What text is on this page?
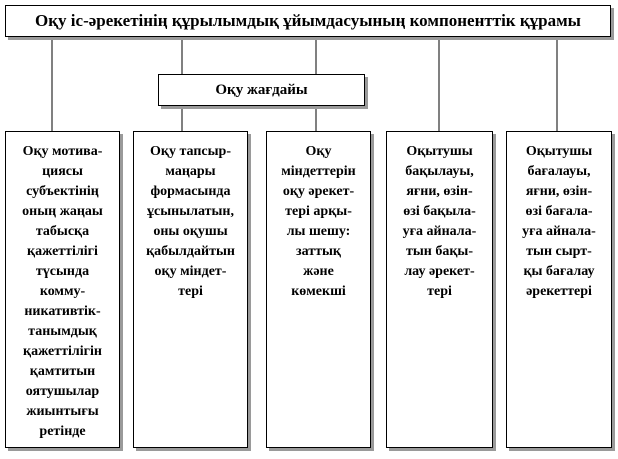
Оқу іс-әрекетінің құрылымдық ұйымдасуының компоненттік құрамы
Оқу жағдайы
Оқу мотива-
циясы
субъектінің
оның жаңаы
табысқа
қажеттілігі
түсында
комму-
никативтік-
танымдық
қажеттілігін
қамтитын
оятушылар
жиынтығы
ретінде
Оқу тапсыр-
маңары
формасында
ұсынылатын,
оны оқушы
қабылдайтын
оқу міндет-
тері
Оқу
міндеттерін
оқу әрекет-
тері арқы-
лы шешу:
заттық
және
көмекші
Оқытушы
бақылауы,
яғни, өзін-
өзі бақыла-
уға айнала-
тын бақы-
лау әрекет-
тері
Оқытушы
бағалауы,
яғни, өзін-
өзі бағала-
уға айнала-
тын сырт-
қы бағалау
әрекеттері
